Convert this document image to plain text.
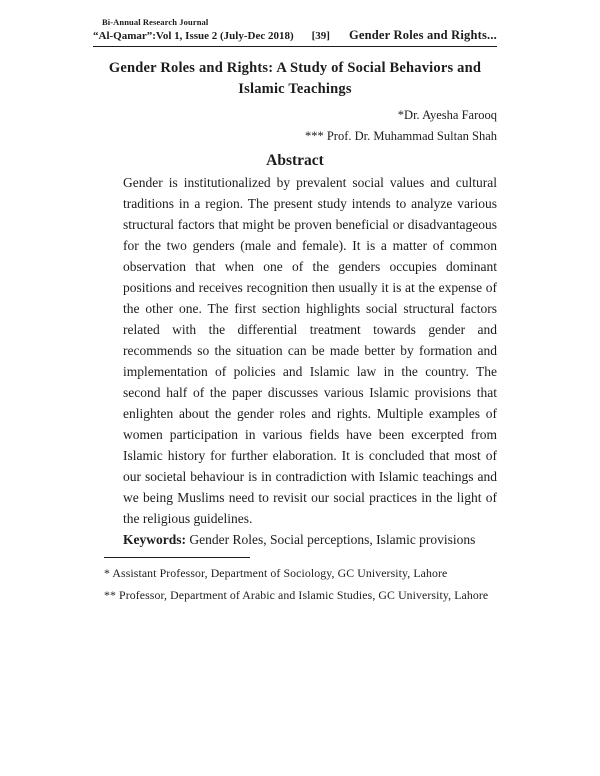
Bi-Annual Research Journal
“Al-Qamar”:Vol 1, Issue 2 (July-Dec 2018) [39] Gender Roles and Rights...
Gender Roles and Rights: A Study of Social Behaviors and
Islamic Teachings
*Dr. Ayesha Farooq
*** Prof. Dr. Muhammad Sultan Shah
Abstract

Gender is institutionalized by prevalent social values and cultural traditions in a region. The present study intends to analyze various structural factors that might be proven beneficial or disadvantageous for the two genders (male and female). It is a matter of common observation that when one of the genders occupies dominant positions and receives recognition then usually it is at the expense of the other one. The first section highlights social structural factors related with the differential treatment towards gender and recommends so the situation can be made better by formation and implementation of policies and Islamic law in the country. The second half of the paper discusses various Islamic provisions that enlighten about the gender roles and rights. Multiple examples of women participation in various fields have been excerpted from Islamic history for further elaboration. It is concluded that most of our societal behaviour is in contradiction with Islamic teachings and we being Muslims need to revisit our social practices in the light of the religious guidelines.

Keywords: Gender Roles, Social perceptions, Islamic provisions

* Assistant Professor, Department of Sociology, GC University, Lahore
** Professor, Department of Arabic and Islamic Studies, GC University, Lahore
